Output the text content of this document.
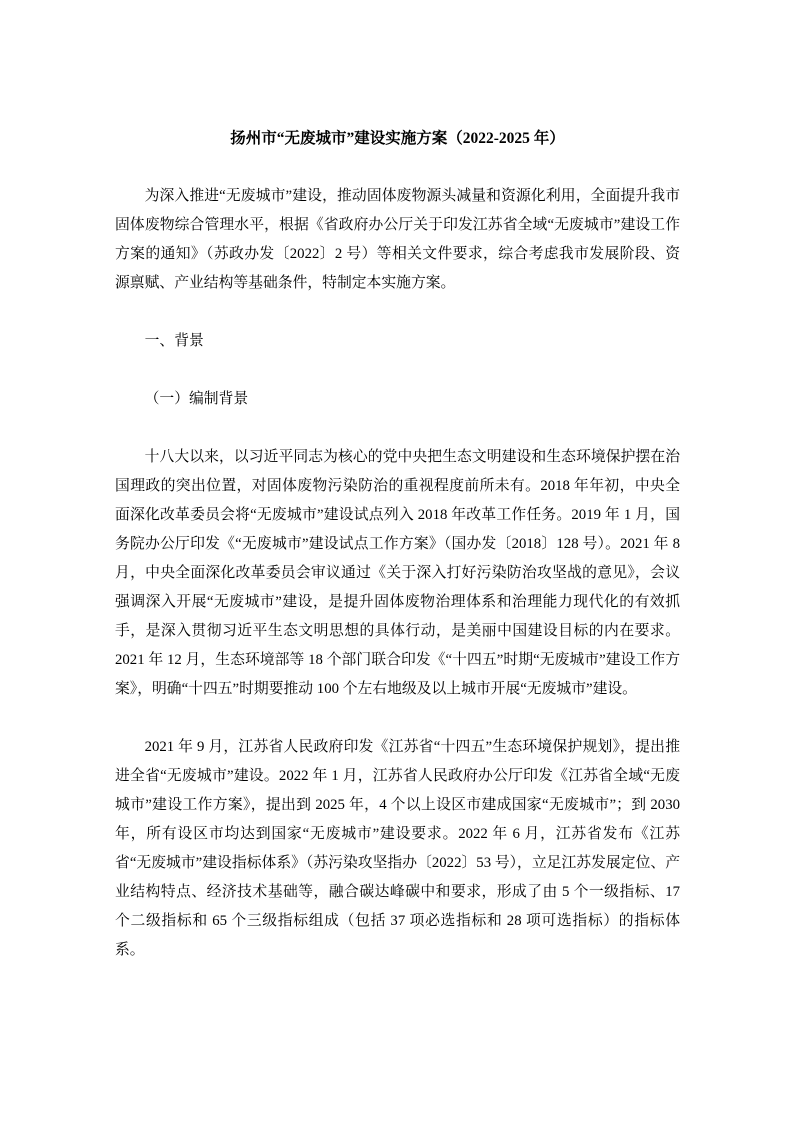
扬州市“无废城市”建设实施方案（2022-2025 年）

为深入推进“无废城市”建设，推动固体废物源头减量和资源化利用，全面提升我市固体废物综合管理水平，根据《省政府办公厅关于印发江苏省全域“无废城市”建设工作方案的通知》（苏政办发〔2022〕2 号）等相关文件要求，综合考虑我市发展阶段、资源禀赋、产业结构等基础条件，特制定本实施方案。

一、背景

（一）编制背景

十八大以来，以习近平同志为核心的党中央把生态文明建设和生态环境保护摆在治国理政的突出位置，对固体废物污染防治的重视程度前所未有。2018 年年初，中央全面深化改革委员会将“无废城市”建设试点列入 2018 年改革工作任务。2019 年 1 月，国务院办公厅印发《“无废城市”建设试点工作方案》（国办发〔2018〕128 号）。2021 年 8 月，中央全面深化改革委员会审议通过《关于深入打好污染防治攻坚战的意见》，会议强调深入开展“无废城市”建设，是提升固体废物治理体系和治理能力现代化的有效抓手，是深入贯彻习近平生态文明思想的具体行动，是美丽中国建设目标的内在要求。2021 年 12 月，生态环境部等 18 个部门联合印发《“十四五”时期“无废城市”建设工作方案》，明确“十四五”时期要推动 100 个左右地级及以上城市开展“无废城市”建设。

2021 年 9 月，江苏省人民政府印发《江苏省“十四五”生态环境保护规划》，提出推进全省“无废城市”建设。2022 年 1 月，江苏省人民政府办公厅印发《江苏省全域“无废城市”建设工作方案》，提出到 2025 年，4 个以上设区市建成国家“无废城市”；到 2030 年，所有设区市均达到国家“无废城市”建设要求。2022 年 6 月，江苏省发布《江苏省“无废城市”建设指标体系》（苏污染攻坚指办〔2022〕53 号），立足江苏发展定位、产业结构特点、经济技术基础等，融合碳达峰碳中和要求，形成了由 5 个一级指标、17 个二级指标和 65 个三级指标组成（包括 37 项必选指标和 28 项可选指标）的指标体系。
